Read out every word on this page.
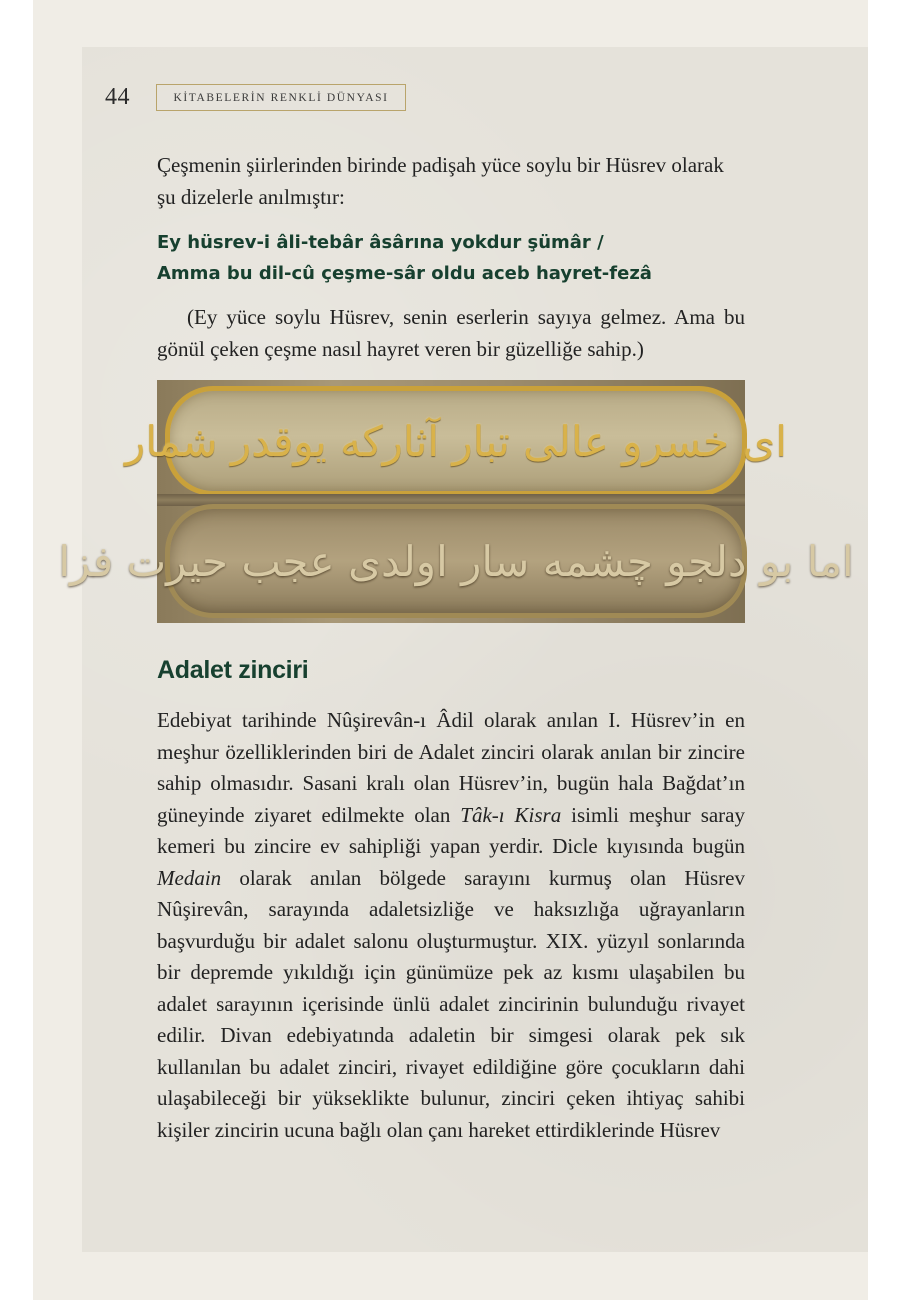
44	KİTABELERİN RENKLİ DÜNYASI
Çeşmenin şiirlerinden birinde padişah yüce soylu bir Hüsrev olarak şu dizelerle anılmıştır:
Ey hüsrev-i âli-tebâr âsârına yokdur şümâr /
Amma bu dil-cû çeşme-sâr oldu aceb hayret-fezâ
(Ey yüce soylu Hüsrev, senin eserlerin sayıya gelmez. Ama bu gönül çeken çeşme nasıl hayret veren bir güzelliğe sahip.)
ای خسرو عالی تبار آثارکه یوقدر شمار
اما بو دلجو چشمه سار اولدی عجب حیرت فزا
Adalet zinciri
Edebiyat tarihinde Nûşirevân-ı Âdil olarak anılan I. Hüsrev’in en meşhur özelliklerinden biri de Adalet zinciri olarak anılan bir zincire sahip olmasıdır. Sasani kralı olan Hüsrev’in, bugün hala Bağdat’ın güneyinde ziyaret edilmekte olan Tâk-ı Kisra isimli meşhur saray kemeri bu zincire ev sahipliği yapan yerdir. Dicle kıyısında bugün Medain olarak anılan bölgede sarayını kurmuş olan Hüsrev Nûşirevân, sarayında adaletsizliğe ve haksızlığa uğrayanların başvurduğu bir adalet salonu oluşturmuştur. XIX. yüzyıl sonlarında bir depremde yıkıldığı için günümüze pek az kısmı ulaşabilen bu adalet sarayının içerisinde ünlü adalet zincirinin bulunduğu rivayet edilir. Divan edebiyatında adaletin bir simgesi olarak pek sık kullanılan bu adalet zinciri, rivayet edildiğine göre çocukların dahi ulaşabileceği bir yükseklikte bulunur, zinciri çeken ihtiyaç sahibi kişiler zincirin ucuna bağlı olan çanı hareket ettirdiklerinde Hüsrev
